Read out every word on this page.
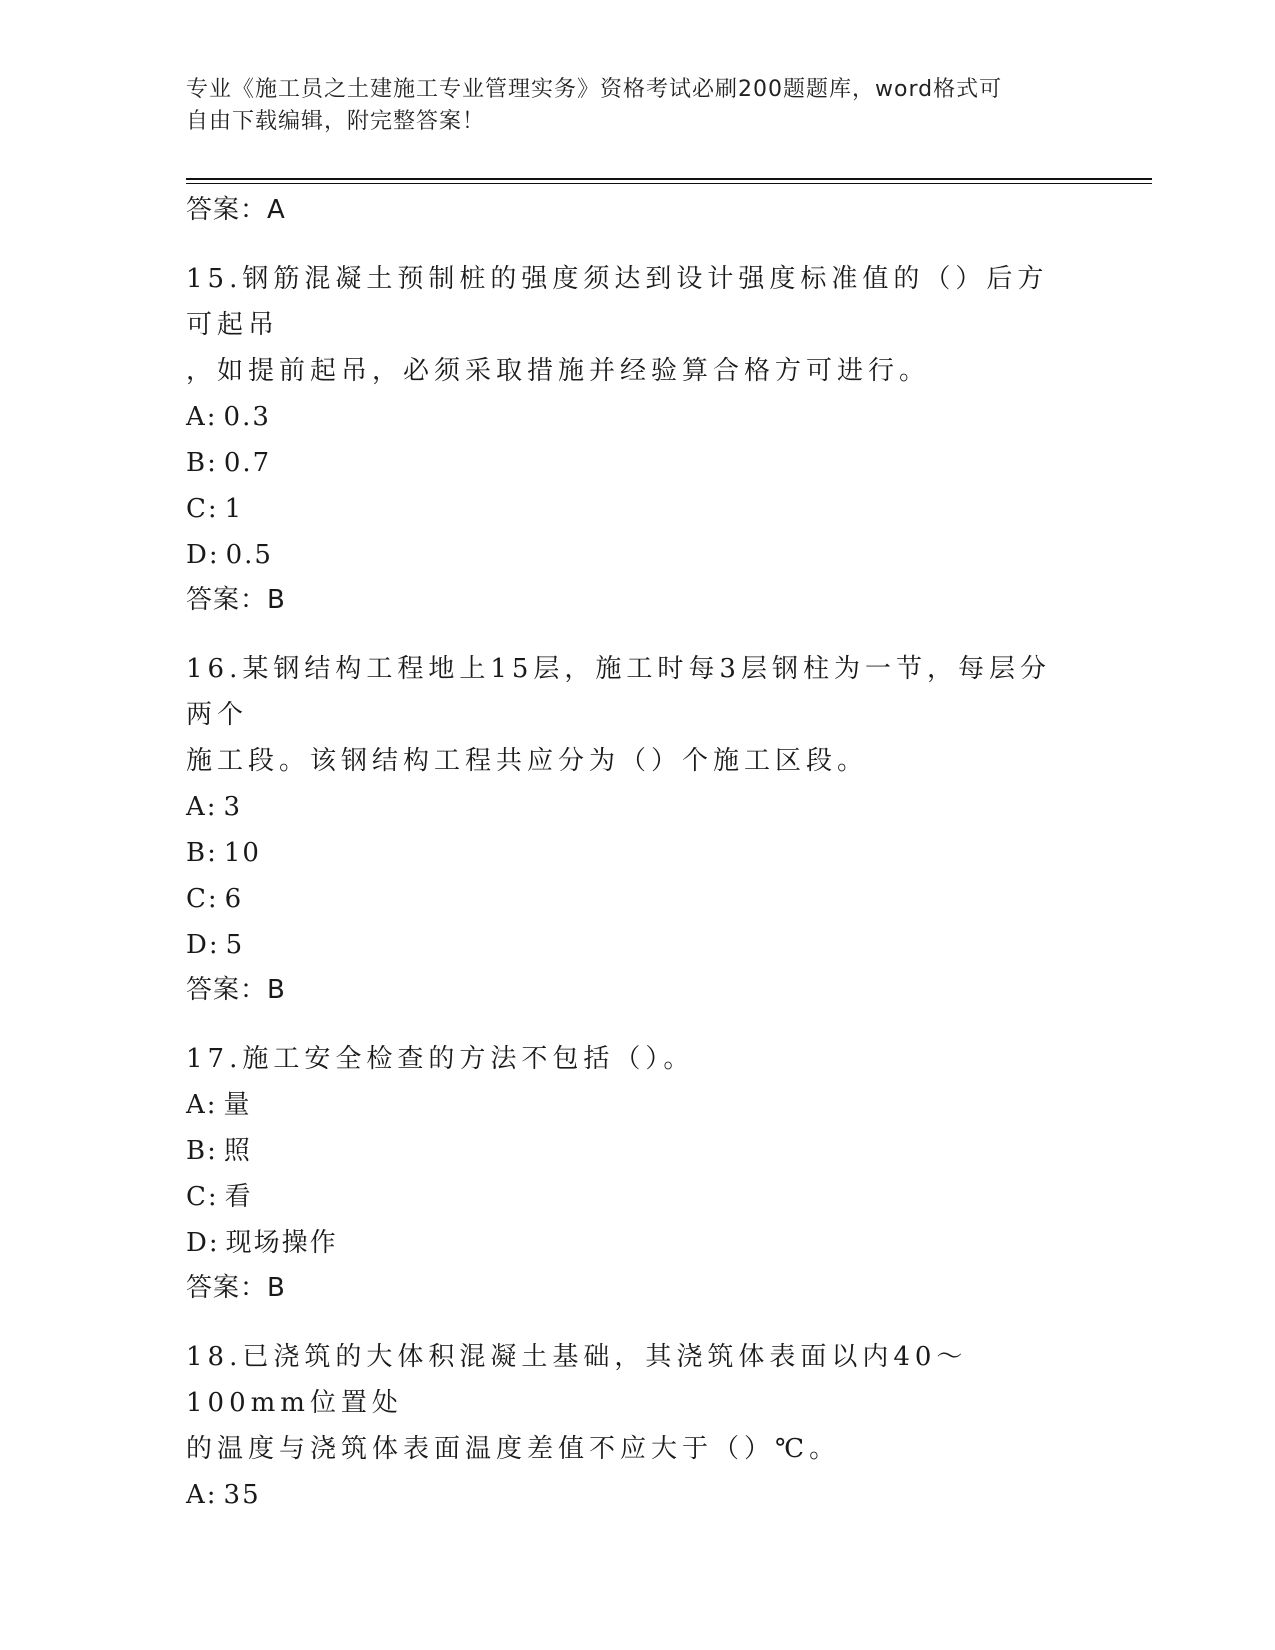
专业《施工员之土建施工专业管理实务》资格考试必刷200题题库，word格式可
自由下载编辑，附完整答案！
答案：A
15.钢筋混凝土预制桩的强度须达到设计强度标准值的（）后方可起吊
，如提前起吊，必须采取措施并经验算合格方可进行。
A: 0.3
B: 0.7
C: 1
D: 0.5
答案：B
16.某钢结构工程地上15层，施工时每3层钢柱为一节，每层分两个
施工段。该钢结构工程共应分为（）个施工区段。
A: 3
B: 10
C: 6
D: 5
答案：B
17.施工安全检查的方法不包括（）。
A: 量
B: 照
C: 看
D: 现场操作
答案：B
18.已浇筑的大体积混凝土基础，其浇筑体表面以内40～100mm位置处
的温度与浇筑体表面温度差值不应大于（）℃。
A: 35
